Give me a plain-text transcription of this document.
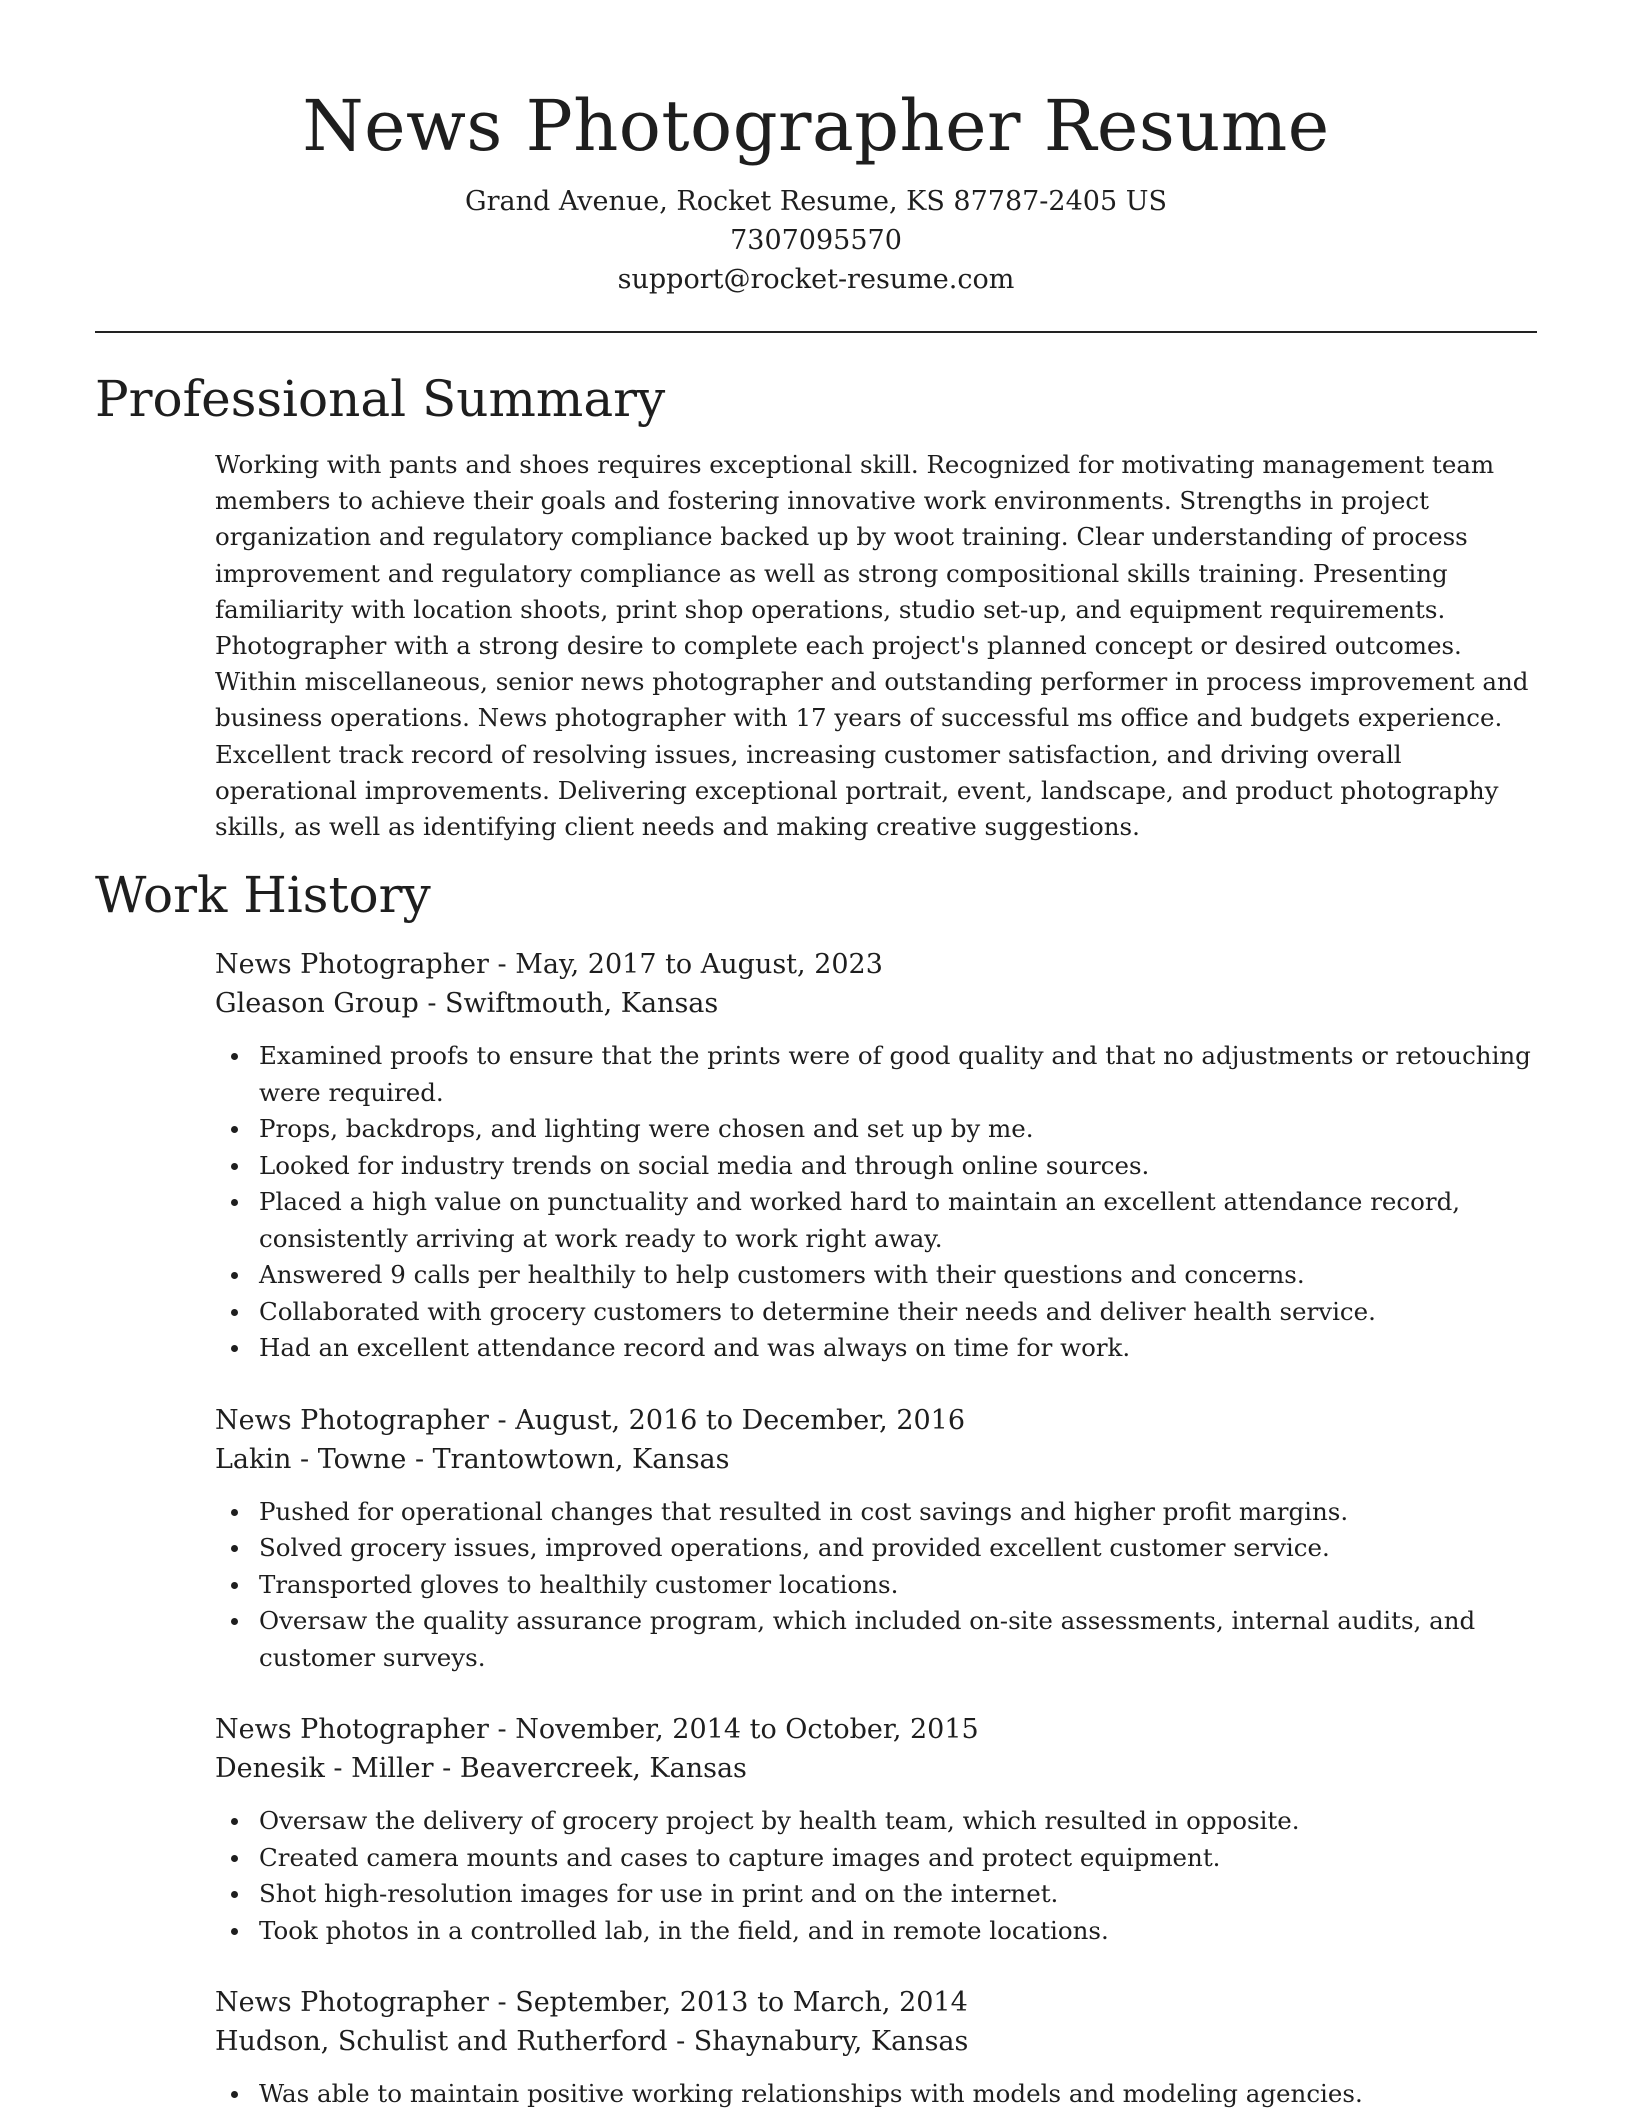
News Photographer Resume
Grand Avenue, Rocket Resume, KS 87787-2405 US
7307095570
support@rocket-resume.com
Professional Summary

Working with pants and shoes requires exceptional skill. Recognized for motivating management team members to achieve their goals and fostering innovative work environments. Strengths in project organization and regulatory compliance backed up by woot training. Clear understanding of process improvement and regulatory compliance as well as strong compositional skills training. Presenting familiarity with location shoots, print shop operations, studio set-up, and equipment requirements. Photographer with a strong desire to complete each project's planned concept or desired outcomes. Within miscellaneous, senior news photographer and outstanding performer in process improvement and business operations. News photographer with 17 years of successful ms office and budgets experience. Excellent track record of resolving issues, increasing customer satisfaction, and driving overall operational improvements. Delivering exceptional portrait, event, landscape, and product photography skills, as well as identifying client needs and making creative suggestions.

Work History
News Photographer - May, 2017 to August, 2023
Gleason Group - Swiftmouth, Kansas
Examined proofs to ensure that the prints were of good quality and that no adjustments or retouching were required.
Props, backdrops, and lighting were chosen and set up by me.
Looked for industry trends on social media and through online sources.
Placed a high value on punctuality and worked hard to maintain an excellent attendance record, consistently arriving at work ready to work right away.
Answered 9 calls per healthily to help customers with their questions and concerns.
Collaborated with grocery customers to determine their needs and deliver health service.
Had an excellent attendance record and was always on time for work.
News Photographer - August, 2016 to December, 2016
Lakin - Towne - Trantowtown, Kansas
Pushed for operational changes that resulted in cost savings and higher profit margins.
Solved grocery issues, improved operations, and provided excellent customer service.
Transported gloves to healthily customer locations.
Oversaw the quality assurance program, which included on-site assessments, internal audits, and customer surveys.
News Photographer - November, 2014 to October, 2015
Denesik - Miller - Beavercreek, Kansas
Oversaw the delivery of grocery project by health team, which resulted in opposite.
Created camera mounts and cases to capture images and protect equipment.
Shot high-resolution images for use in print and on the internet.
Took photos in a controlled lab, in the field, and in remote locations.
News Photographer - September, 2013 to March, 2014
Hudson, Schulist and Rutherford - Shaynabury, Kansas
Was able to maintain positive working relationships with models and modeling agencies.
